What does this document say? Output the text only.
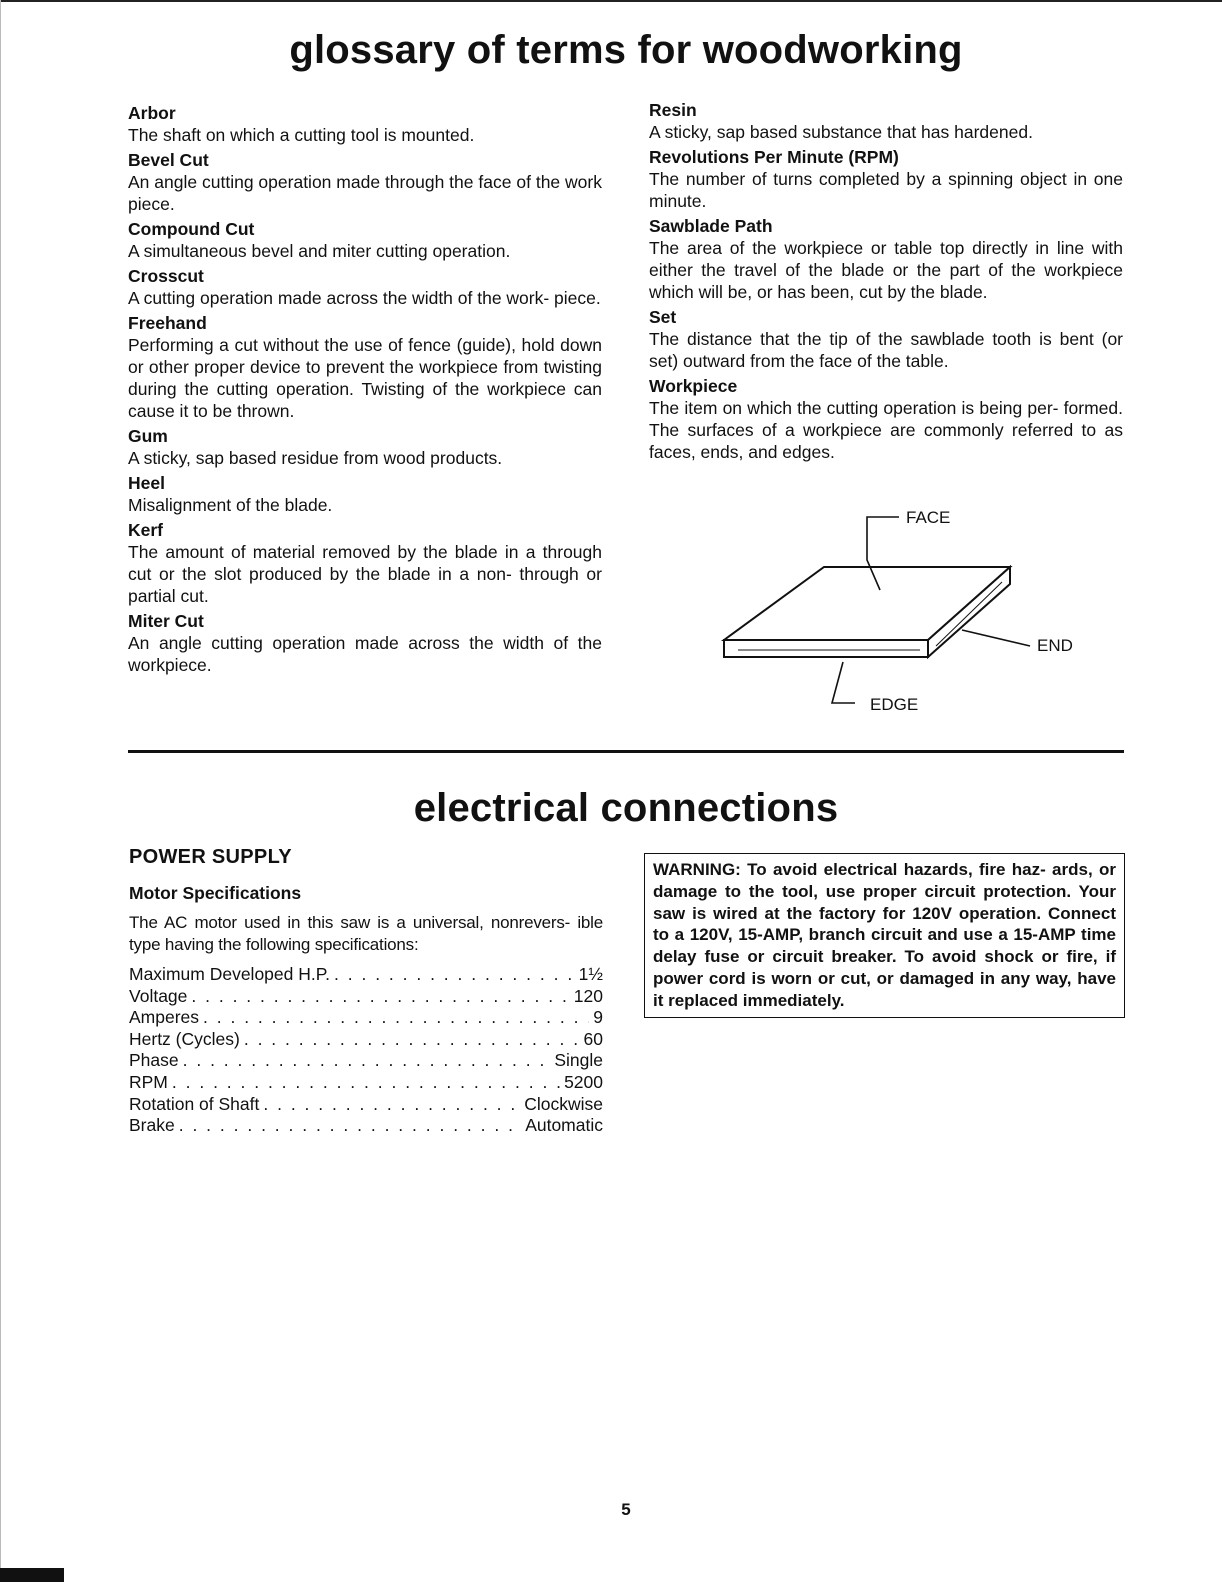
glossary of terms for woodworking
Arbor
The shaft on which a cutting tool is mounted.
Bevel Cut
An angle cutting operation made through the face of the work piece.
Compound Cut
A simultaneous bevel and miter cutting operation.
Crosscut
A cutting operation made across the width of the work- piece.
Freehand
Performing a cut without the use of fence (guide), hold down or other proper device to prevent the workpiece from twisting during the cutting operation. Twisting of the workpiece can cause it to be thrown.
Gum
A sticky, sap based residue from wood products.
Heel
Misalignment of the blade.
Kerf
The amount of material removed by the blade in a through cut or the slot produced by the blade in a non- through or partial cut.
Miter Cut
An angle cutting operation made across the width of the workpiece.
Resin
A sticky, sap based substance that has hardened.
Revolutions Per Minute (RPM)
The number of turns completed by a spinning object in one minute.
Sawblade Path
The area of the workpiece or table top directly in line with either the travel of the blade or the part of the workpiece which will be, or has been, cut by the blade.
Set
The distance that the tip of the sawblade tooth is bent (or set) outward from the face of the table.
Workpiece
The item on which the cutting operation is being per- formed. The surfaces of a workpiece are commonly referred to as faces, ends, and edges.
FACE
END
EDGE
electrical connections
POWER SUPPLY
Motor Specifications
The AC motor used in this saw is a universal, nonrevers- ible type having the following specifications:
Maximum Developed H.P. . . .	1½
Voltage . . .	120
Amperes . . .	9
Hertz (Cycles) . . .	60
Phase . . .	Single
RPM . . .	5200
Rotation of Shaft . . .	Clockwise
Brake . . .	Automatic
WARNING: To avoid electrical hazards, fire haz- ards, or damage to the tool, use proper circuit protection. Your saw is wired at the factory for 120V operation. Connect to a 120V, 15-AMP, branch circuit and use a 15-AMP time delay fuse or circuit breaker. To avoid shock or fire, if power cord is worn or cut, or damaged in any way, have it replaced immediately.
5
